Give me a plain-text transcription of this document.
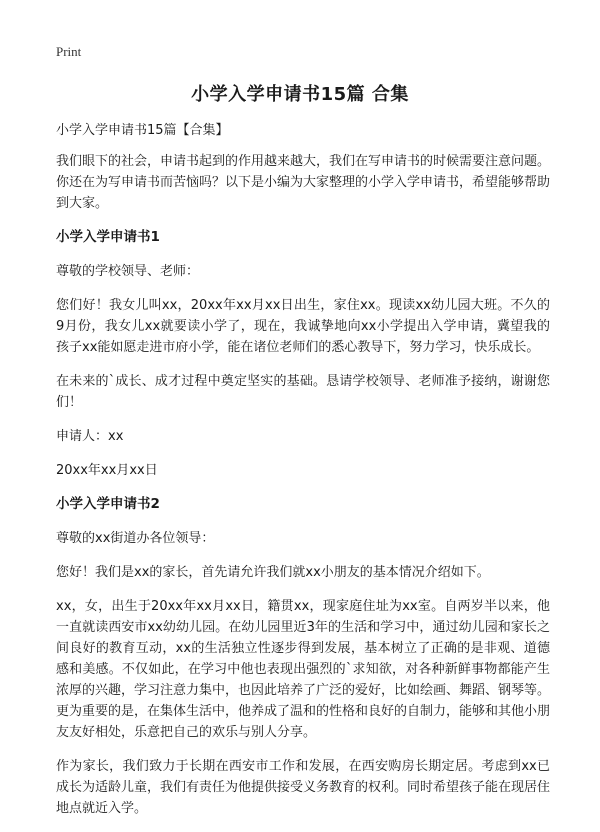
Print
小学入学申请书15篇 合集

小学入学申请书15篇【合集】

我们眼下的社会，申请书起到的作用越来越大，我们在写申请书的时候需要注意问题。你还在为写申请书而苦恼吗？以下是小编为大家整理的小学入学申请书，希望能够帮助到大家。

小学入学申请书1

尊敬的学校领导、老师：

您们好！我女儿叫xx，20xx年xx月xx日出生，家住xx。现读xx幼儿园大班。不久的9月份，我女儿xx就要读小学了，现在，我诚挚地向xx小学提出入学申请，冀望我的孩子xx能如愿走进市府小学，能在诸位老师们的悉心教导下，努力学习，快乐成长。

在未来的`成长、成才过程中奠定坚实的基础。恳请学校领导、老师准予接纳，谢谢您们！

申请人：xx

20xx年xx月xx日

小学入学申请书2

尊敬的xx街道办各位领导：

您好！我们是xx的家长，首先请允许我们就xx小朋友的基本情况介绍如下。

xx，女，出生于20xx年xx月xx日，籍贯xx，现家庭住址为xx室。自两岁半以来，他一直就读西安市xx幼幼儿园。在幼儿园里近3年的生活和学习中，通过幼儿园和家长之间良好的教育互动，xx的生活独立性逐步得到发展，基本树立了正确的是非观、道德感和美感。不仅如此，在学习中他也表现出强烈的`求知欲，对各种新鲜事物都能产生浓厚的兴趣，学习注意力集中，也因此培养了广泛的爱好，比如绘画、舞蹈、钢琴等。更为重要的是，在集体生活中，他养成了温和的性格和良好的自制力，能够和其他小朋友友好相处，乐意把自己的欢乐与别人分享。

作为家长，我们致力于长期在西安市工作和发展，在西安购房长期定居。考虑到xx已成长为适龄儿童，我们有责任为他提供接受义务教育的权利。同时希望孩子能在现居住地点就近入学。
